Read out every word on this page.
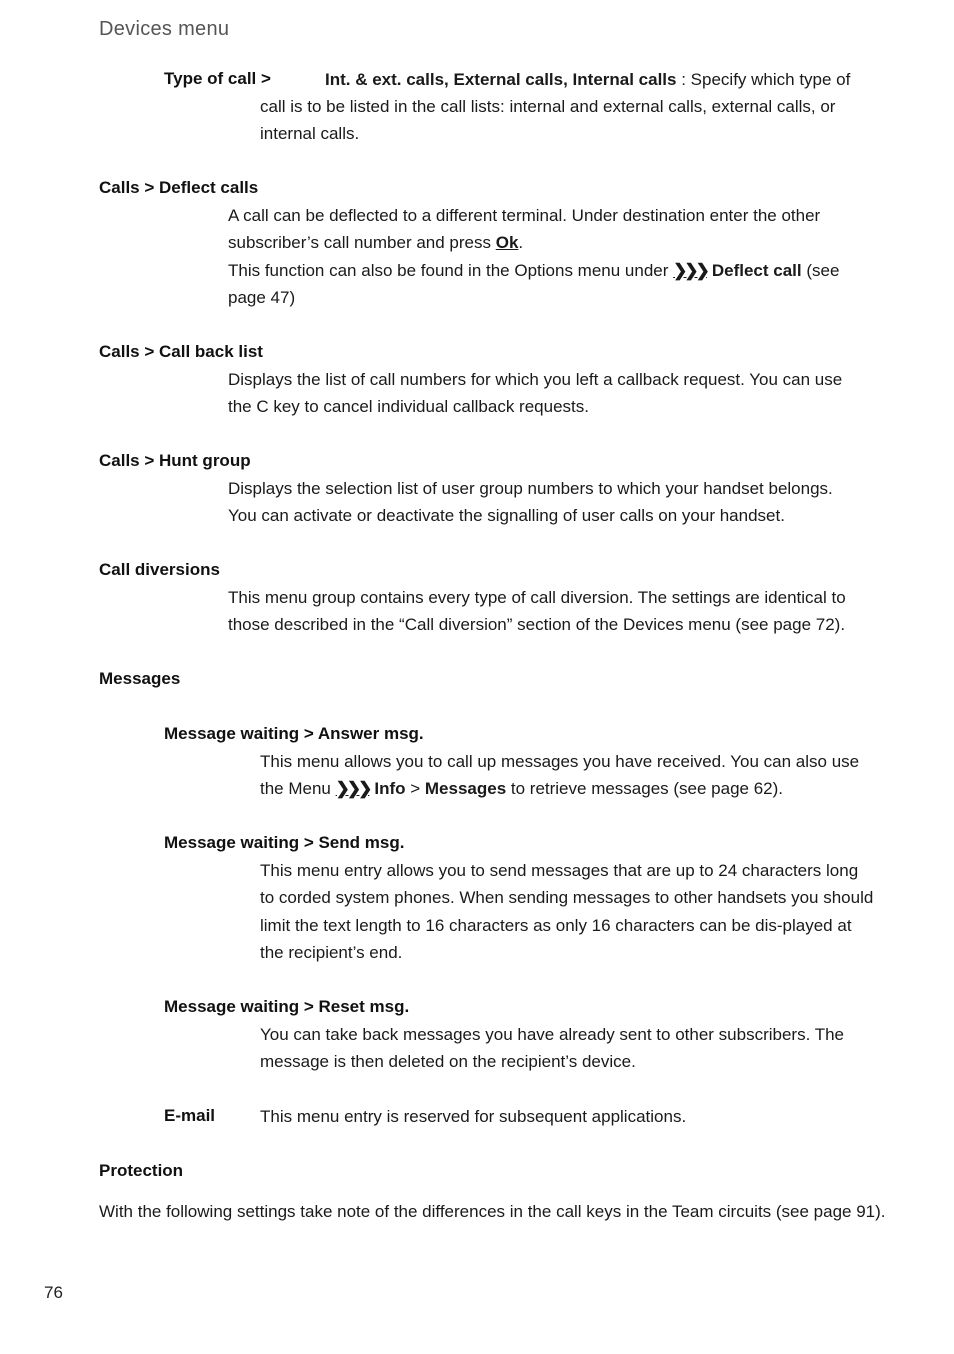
Devices menu
Type of call >	Int. & ext. calls, External calls, Internal calls : Specify which type of
call is to be listed in the call lists: internal and external calls, external calls, or internal calls.
Calls > Deflect calls
A call can be deflected to a different terminal. Under destination enter the other subscriber’s call number and press Ok.
This function can also be found in the Options menu under ❯❯❯ Deflect call (see page 47)
Calls > Call back list
Displays the list of call numbers for which you left a callback request. You can use the C key to cancel individual callback requests.
Calls > Hunt group
Displays the selection list of user group numbers to which your handset belongs. You can activate or deactivate the signalling of user calls on your handset.
Call diversions
This menu group contains every type of call diversion. The settings are identical to those described in the “Call diversion” section of the Devices menu (see page 72).
Messages
Message waiting > Answer msg.
This menu allows you to call up messages you have received. You can also use the Menu ❯❯❯ Info > Messages to retrieve messages (see page 62).
Message waiting > Send msg.
This menu entry allows you to send messages that are up to 24 characters long to corded system phones. When sending messages to other handsets you should limit the text length to 16 characters as only 16 characters can be dis-played at the recipient’s end.
Message waiting > Reset msg.
You can take back messages you have already sent to other subscribers. The message is then deleted on the recipient’s device.
E-mail	This menu entry is reserved for subsequent applications.
Protection
With the following settings take note of the differences in the call keys in the Team circuits (see page 91).
76
